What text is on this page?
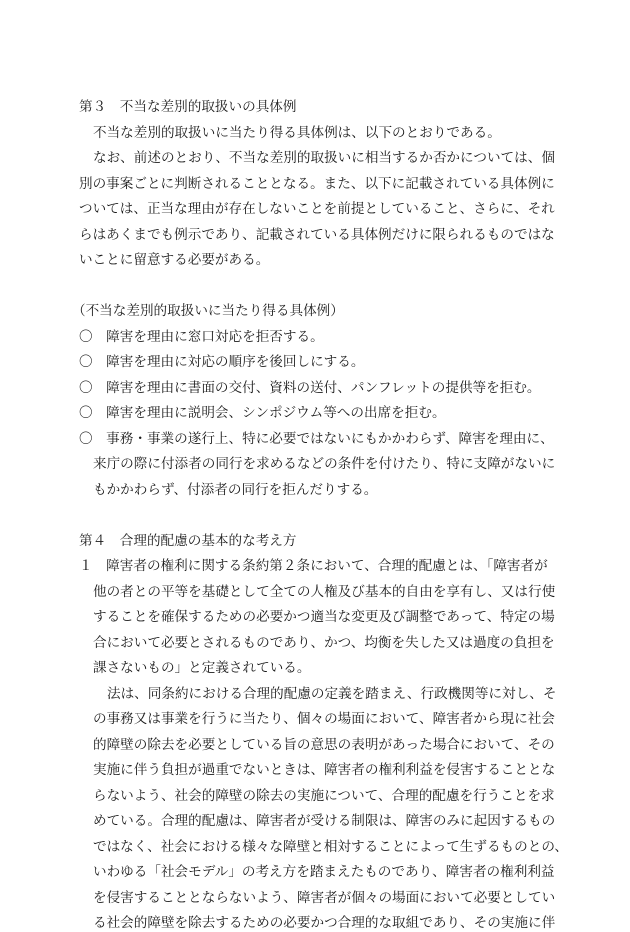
第３　不当な差別的取扱いの具体例
不当な差別的取扱いに当たり得る具体例は、以下のとおりである。
なお、前述のとおり、不当な差別的取扱いに相当するか否かについては、個
別の事案ごとに判断されることとなる。また、以下に記載されている具体例に
ついては、正当な理由が存在しないことを前提としていること、さらに、それ
らはあくまでも例示であり、記載されている具体例だけに限られるものではな
いことに留意する必要がある。
（不当な差別的取扱いに当たり得る具体例）
〇　障害を理由に窓口対応を拒否する。
〇　障害を理由に対応の順序を後回しにする。
〇　障害を理由に書面の交付、資料の送付、パンフレットの提供等を拒む。
〇　障害を理由に説明会、シンポジウム等への出席を拒む。
〇　事務・事業の遂行上、特に必要ではないにもかかわらず、障害を理由に、
来庁の際に付添者の同行を求めるなどの条件を付けたり、特に支障がないに
もかかわらず、付添者の同行を拒んだりする。
第４　合理的配慮の基本的な考え方
１　障害者の権利に関する条約第２条において、合理的配慮とは、「障害者が
他の者との平等を基礎として全ての人権及び基本的自由を享有し、又は行使
することを確保するための必要かつ適当な変更及び調整であって、特定の場
合において必要とされるものであり、かつ、均衡を失した又は過度の負担を
課さないもの」と定義されている。
法は、同条約における合理的配慮の定義を踏まえ、行政機関等に対し、そ
の事務又は事業を行うに当たり、個々の場面において、障害者から現に社会
的障壁の除去を必要としている旨の意思の表明があった場合において、その
実施に伴う負担が過重でないときは、障害者の権利利益を侵害することとな
らないよう、社会的障壁の除去の実施について、合理的配慮を行うことを求
めている。合理的配慮は、障害者が受ける制限は、障害のみに起因するもの
ではなく、社会における様々な障壁と相対することによって生ずるものとの、
いわゆる「社会モデル」の考え方を踏まえたものであり、障害者の権利利益
を侵害することとならないよう、障害者が個々の場面において必要としてい
る社会的障壁を除去するための必要かつ合理的な取組であり、その実施に伴
